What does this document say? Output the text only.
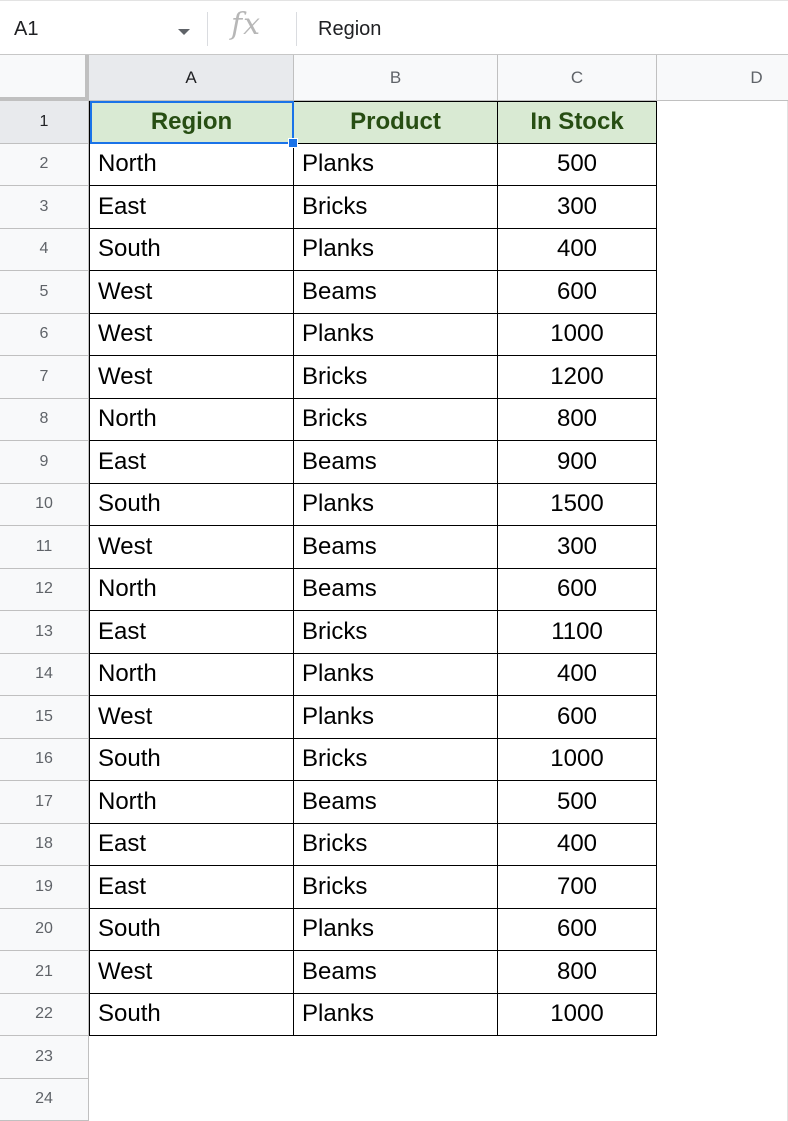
A1	fx	Region
A	B	C	D
1
2
3
4
5
6
7
8
9
10
11
12
13
14
15
16
17
18
19
20
21
22
23
24
Region	Product	In Stock
North	Planks	500
East	Bricks	300
South	Planks	400
West	Beams	600
West	Planks	1000
West	Bricks	1200
North	Bricks	800
East	Beams	900
South	Planks	1500
West	Beams	300
North	Beams	600
East	Bricks	1100
North	Planks	400
West	Planks	600
South	Bricks	1000
North	Beams	500
East	Bricks	400
East	Bricks	700
South	Planks	600
West	Beams	800
South	Planks	1000
